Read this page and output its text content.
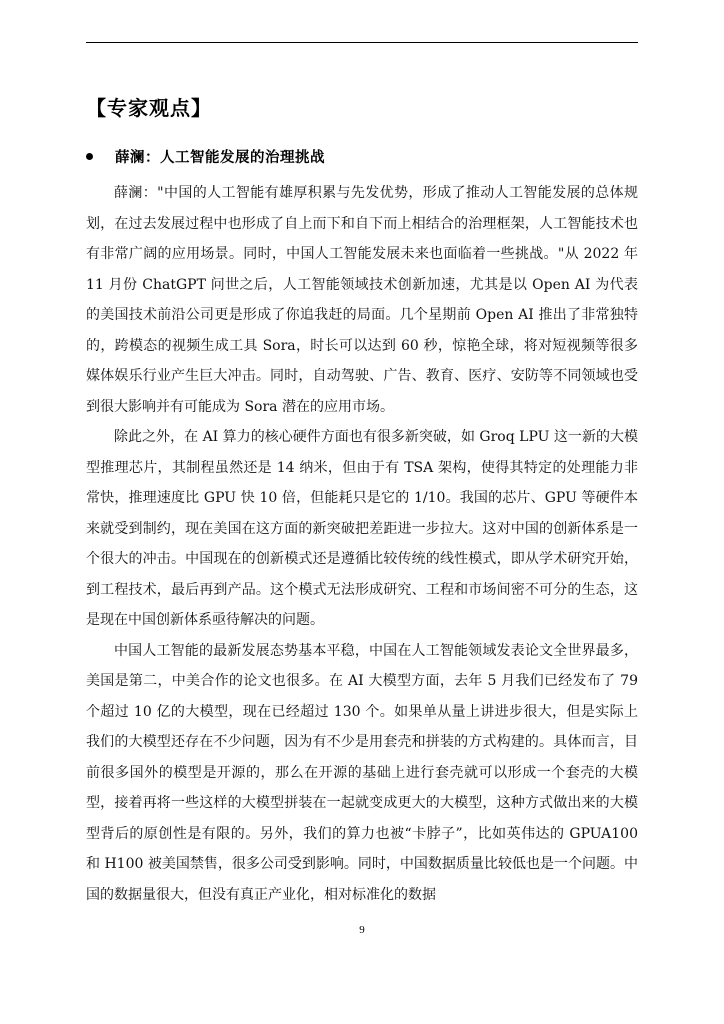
【专家观点】
薛澜：人工智能发展的治理挑战

薛澜："中国的人工智能有雄厚积累与先发优势，形成了推动人工智能发展的总体规划，在过去发展过程中也形成了自上而下和自下而上相结合的治理框架，人工智能技术也有非常广阔的应用场景。同时，中国人工智能发展未来也面临着一些挑战。"从 2022 年 11 月份 ChatGPT 问世之后，人工智能领域技术创新加速，尤其是以 Open AI 为代表的美国技术前沿公司更是形成了你追我赶的局面。几个星期前 Open AI 推出了非常独特的，跨模态的视频生成工具 Sora，时长可以达到 60 秒，惊艳全球，将对短视频等很多媒体娱乐行业产生巨大冲击。同时，自动驾驶、广告、教育、医疗、安防等不同领域也受到很大影响并有可能成为 Sora 潜在的应用市场。

除此之外，在 AI 算力的核心硬件方面也有很多新突破，如 Groq LPU 这一新的大模型推理芯片，其制程虽然还是 14 纳米，但由于有 TSA 架构，使得其特定的处理能力非常快，推理速度比 GPU 快 10 倍，但能耗只是它的 1/10。我国的芯片、GPU 等硬件本来就受到制约，现在美国在这方面的新突破把差距进一步拉大。这对中国的创新体系是一个很大的冲击。中国现在的创新模式还是遵循比较传统的线性模式，即从学术研究开始，到工程技术，最后再到产品。这个模式无法形成研究、工程和市场间密不可分的生态，这是现在中国创新体系亟待解决的问题。

中国人工智能的最新发展态势基本平稳，中国在人工智能领域发表论文全世界最多，美国是第二，中美合作的论文也很多。在 AI 大模型方面，去年 5 月我们已经发布了 79 个超过 10 亿的大模型，现在已经超过 130 个。如果单从量上讲进步很大，但是实际上我们的大模型还存在不少问题，因为有不少是用套壳和拼装的方式构建的。具体而言，目前很多国外的模型是开源的，那么在开源的基础上进行套壳就可以形成一个套壳的大模型，接着再将一些这样的大模型拼装在一起就变成更大的大模型，这种方式做出来的大模型背后的原创性是有限的。另外，我们的算力也被“卡脖子”，比如英伟达的 GPUA100 和 H100 被美国禁售，很多公司受到影响。同时，中国数据质量比较低也是一个问题。中国的数据量很大，但没有真正产业化，相对标准化的数据

9
